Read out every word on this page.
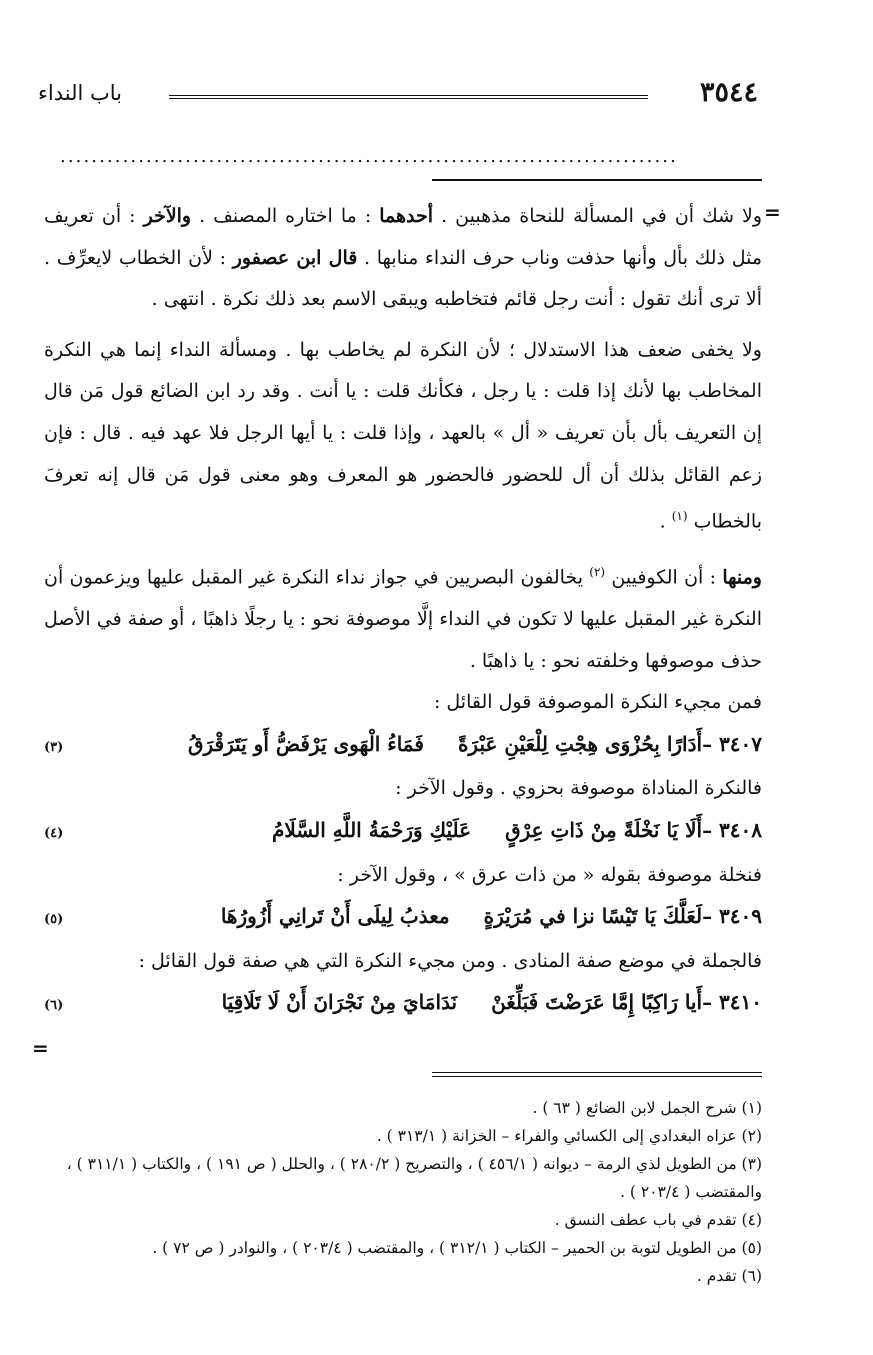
باب النداء	٣٥٤٤
...............................................................................
=
=

ولا شك أن في المسألة للنحاة مذهبين . أحدهما : ما اختاره المصنف . والآخر : أن تعريف مثل ذلك بأل وأنها حذفت وناب حرف النداء منابها . قال ابن عصفور : لأن الخطاب لايعرِّف . ألا ترى أنك تقول : أنت رجل قائم فتخاطبه ويبقى الاسم بعد ذلك نكرة . انتهى .

ولا يخفى ضعف هذا الاستدلال ؛ لأن النكرة لم يخاطب بها . ومسألة النداء إنما هي النكرة المخاطب بها لأنك إذا قلت : يا رجل ، فكأنك قلت : يا أنت . وقد رد ابن الضائع قول مَن قال إن التعريف بأل بأن تعريف « أل » بالعهد ، وإذا قلت : يا أيها الرجل فلا عهد فيه . قال : فإن زعم القائل بذلك أن أل للحضور فالحضور هو المعرف وهو معنى قول مَن قال إنه تعرفَ بالخطاب $^{(١)}$ .

ومنها : أن الكوفيين $^{(٢)}$ يخالفون البصريين في جواز نداء النكرة غير المقبل عليها ويزعمون أن النكرة غير المقبل عليها لا تكون في النداء إلَّا موصوفة نحو : يا رجلًا ذاهبًا ، أو صفة في الأصل حذف موصوفها وخلفته نحو : يا ذاهبًا .

فمن مجيء النكرة الموصوفة قول القائل :

٣٤٠٧ –
أَدَارًا بِحُزْوَى هِجْتِ لِلْعَيْنِ عَبْرَةً
فَمَاءُ الْهَوى يَرْفَضُّ أَو يَتَرَقْرَقُ
(٣)

فالنكرة المناداة موصوفة بحزوي . وقول الآخر :

٣٤٠٨ –
أَلَا يَا نَخْلَةً مِنْ ذَاتِ عِرْقٍ
عَلَيْكِ وَرَحْمَةُ اللَّهِ السَّلَامُ
(٤)

فنخلة موصوفة بقوله « من ذات عرق » ، وقول الآخر :

٣٤٠٩ –
لَعَلَّكَ يَا تَيْسًا نزا في مُرَيْرَةٍ
معذبُ لِيلَى أَنْ تَرانِي أَزُورُهَا
(٥)

فالجملة في موضع صفة المنادى . ومن مجيء النكرة التي هي صفة قول القائل :

٣٤١٠ –
أَيا رَاكِبًا إِمَّا عَرَضْتَ فَبَلِّغَنْ
نَدَامَايَ مِنْ نَجْرَانَ أَنْ لَا تَلَاقِيَا
(٦)
(١) شرح الجمل لابن الضائع ( ٦٣ ) .
(٢) عزاه البغدادي إلى الكسائي والفراء – الخزانة ( ٣١٣/١ ) .
(٣) من الطويل لذي الرمة – ديوانه ( ٤٥٦/١ ) ، والتصريح ( ٢٨٠/٢ ) ، والحلل ( ص ١٩١ ) ، والكتاب ( ٣١١/١ ) ، والمقتضب ( ٢٠٣/٤ ) .
(٤) تقدم في باب عطف النسق .
(٥) من الطويل لتوبة بن الحمير – الكتاب ( ٣١٢/١ ) ، والمقتضب ( ٢٠٣/٤ ) ، والنوادر ( ص ٧٢ ) .
(٦) تقدم .
